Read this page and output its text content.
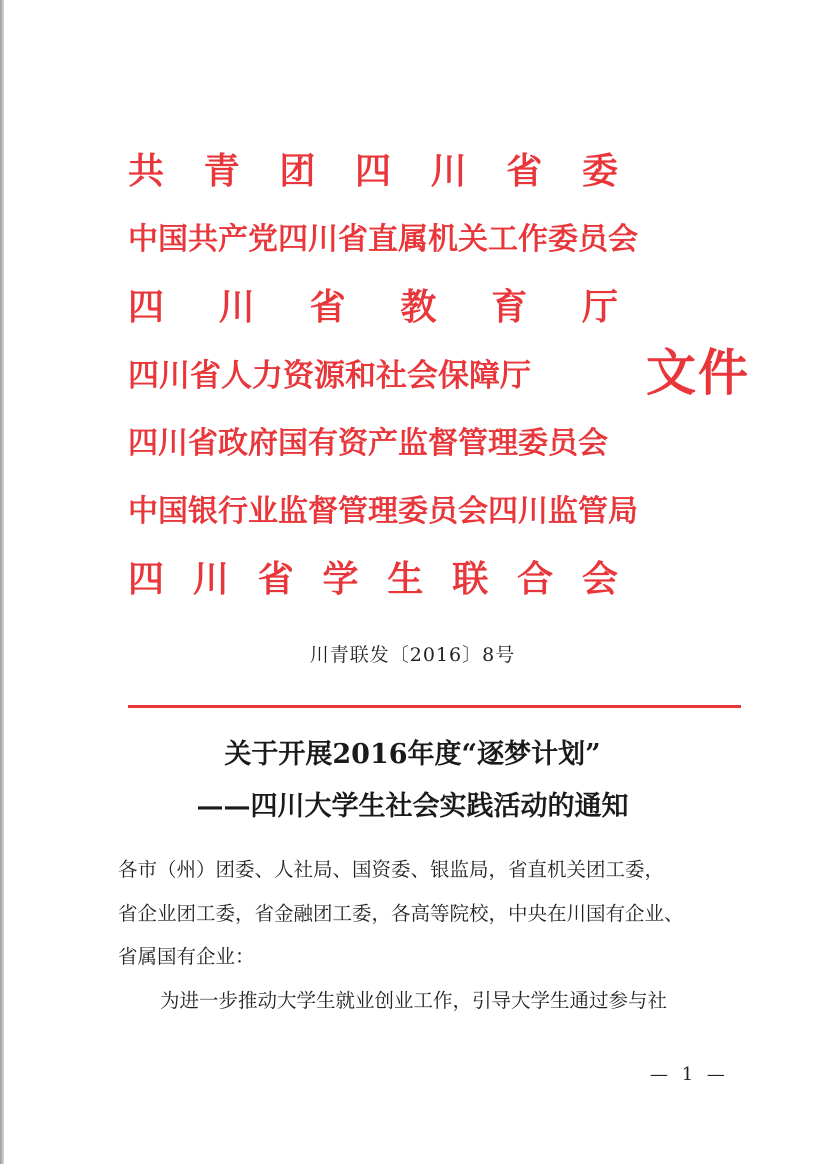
共 青 团 四 川 省 委
中国共产党四川省直属机关工作委员会
四 川 省 教 育 厅
四川省人力资源和社会保障厅
四川省政府国有资产监督管理委员会
中国银行业监督管理委员会四川监管局
四 川 省 学 生 联 合 会
文件
川青联发〔2016〕8号
关于开展2016年度“逐梦计划”
——四川大学生社会实践活动的通知

各市（州）团委、人社局、国资委、银监局，省直机关团工委，

省企业团工委，省金融团工委，各高等院校，中央在川国有企业、

省属国有企业：

为进一步推动大学生就业创业工作，引导大学生通过参与社

— 1 —
